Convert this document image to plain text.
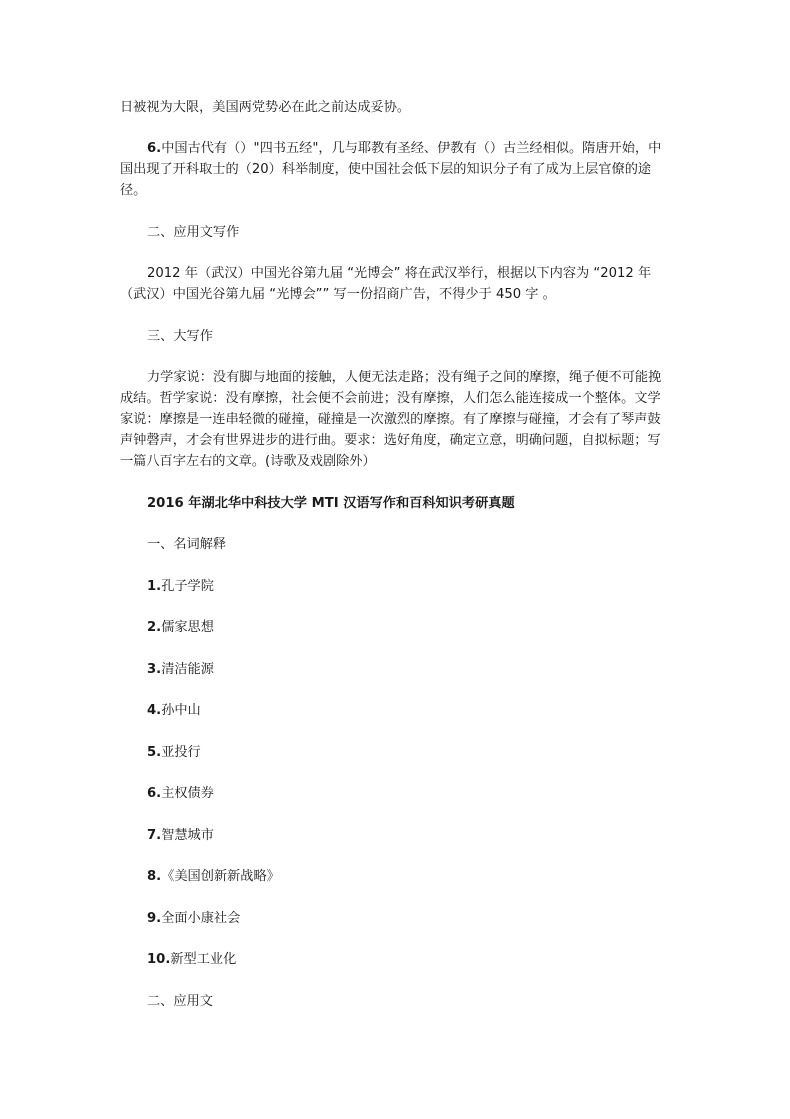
日被视为大限，美国两党势必在此之前达成妥协。

6.中国古代有（）"四书五经"，几与耶教有圣经、伊教有（）古兰经相似。隋唐开始，中国出现了开科取士的（20）科举制度，使中国社会低下层的知识分子有了成为上层官僚的途径。

二、应用文写作

2012 年（武汉）中国光谷第九届 “光博会” 将在武汉举行，根据以下内容为 “2012 年（武汉）中国光谷第九届 “光博会”” 写一份招商广告，不得少于 450 字 。

三、大写作

力学家说：没有脚与地面的接触，人便无法走路；没有绳子之间的摩擦，绳子便不可能挽成结。哲学家说：没有摩擦，社会便不会前进；没有摩擦，人们怎么能连接成一个整体。文学家说：摩擦是一连串轻微的碰撞，碰撞是一次激烈的摩擦。有了摩擦与碰撞，才会有了琴声鼓声钟磬声，才会有世界进步的进行曲。要求：选好角度，确定立意，明确问题，自拟标题；写一篇八百字左右的文章。(诗歌及戏剧除外）

2016 年湖北华中科技大学 MTI 汉语写作和百科知识考研真题

一、名词解释

1.孔子学院

2.儒家思想

3.清洁能源

4.孙中山

5.亚投行

6.主权债券

7.智慧城市

8.《美国创新新战略》

9.全面小康社会

10.新型工业化

二、应用文
